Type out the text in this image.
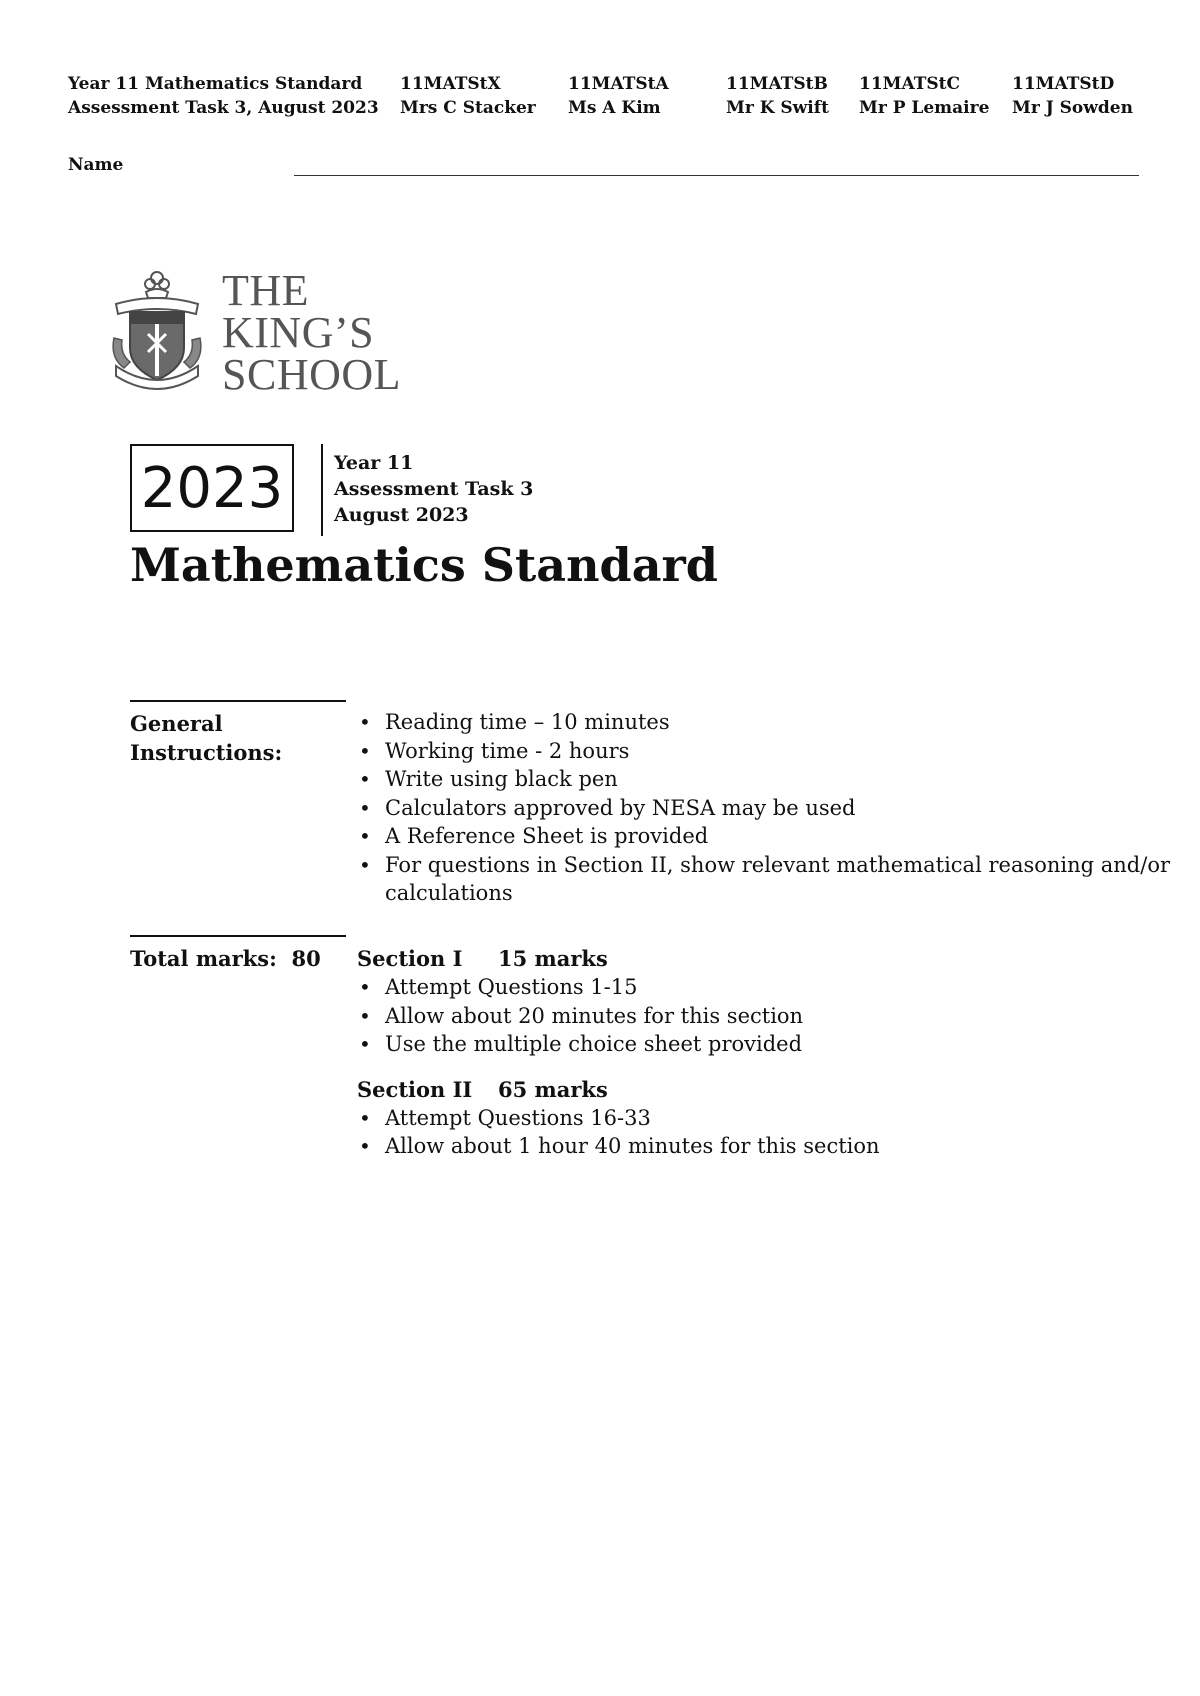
Year 11 Mathematics Standard
Assessment Task 3, August 2023
11MATStX
Mrs C Stacker
11MATStA
Ms A Kim
11MATStB
Mr K Swift
11MATStC
Mr P Lemaire
11MATStD
Mr J Sowden
Name
THE
KING’S
SCHOOL
2023	Year 11
Assessment Task 3
August 2023
Mathematics Standard
General
Instructions:
• Reading time – 10 minutes
• Working time - 2 hours
• Write using black pen
• Calculators approved by NESA may be used
• A Reference Sheet is provided
• For questions in Section II, show relevant mathematical reasoning and/or calculations
Total marks: 80 Section I 15 marks
• Attempt Questions 1-15
• Allow about 20 minutes for this section
• Use the multiple choice sheet provided
Section II 65 marks
• Attempt Questions 16-33
• Allow about 1 hour 40 minutes for this section
